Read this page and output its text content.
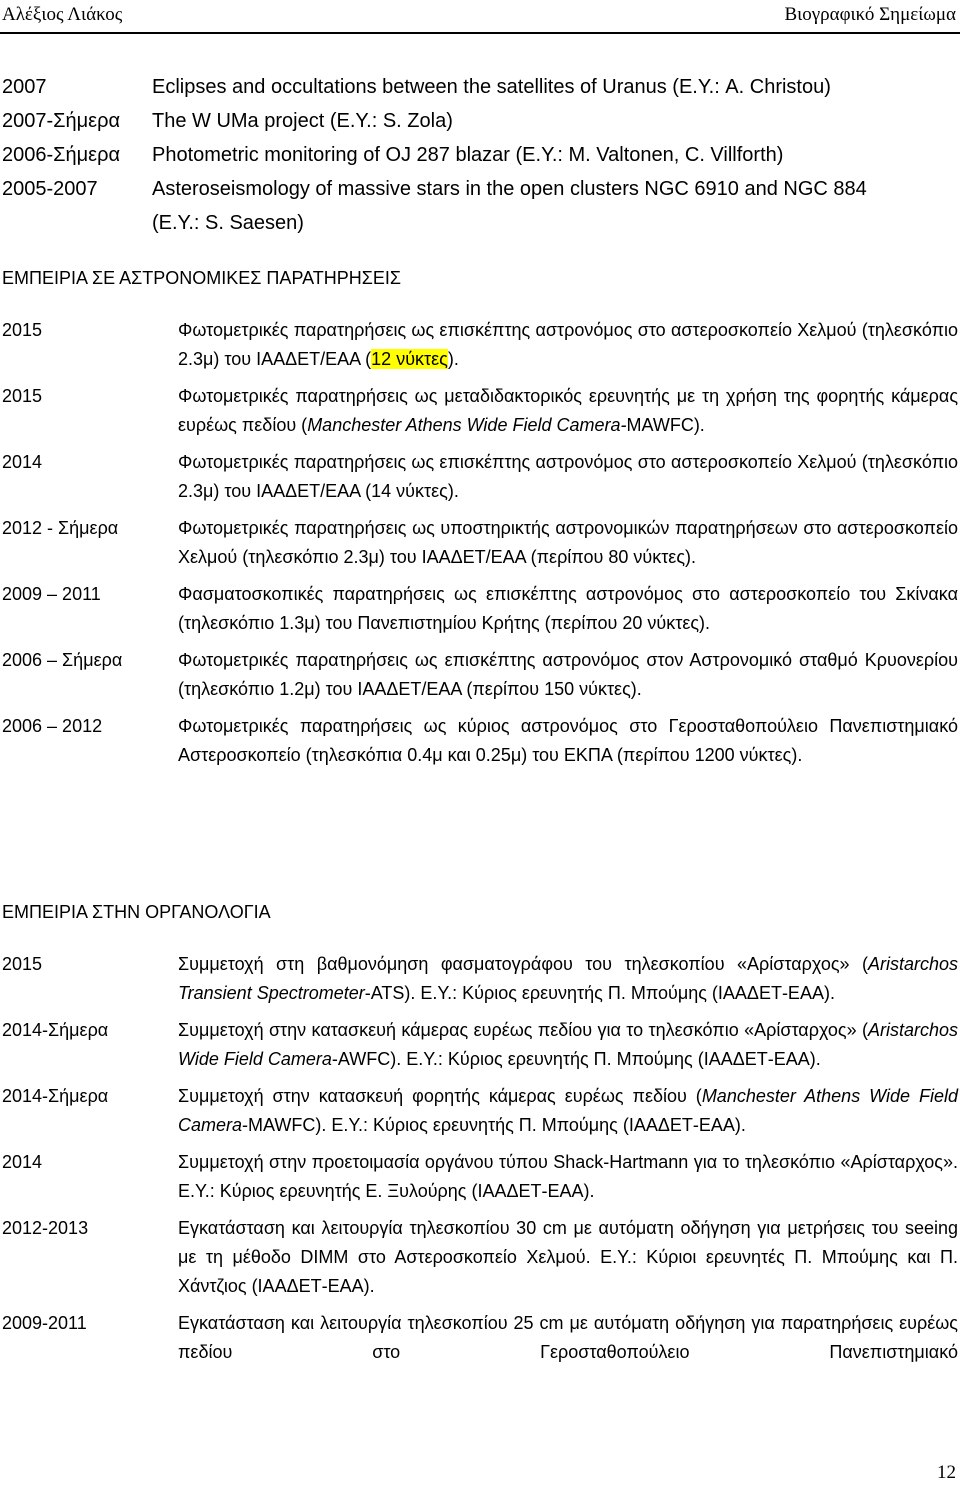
Αλέξιος Λιάκος	Βιογραφικό Σημείωμα
2007	Eclipses and occultations between the satellites of Uranus (Ε.Υ.: A. Christou)
2007-Σήμερα	The W UMa project (Ε.Υ.: S. Zola)
2006-Σήμερα	Photometric monitoring of OJ 287 blazar (Ε.Υ.: M. Valtonen, C. Villforth)
2005-2007	Asteroseismology of massive stars in the open clusters NGC 6910 and NGC 884
(Ε.Υ.: S. Saesen)
ΕΜΠΕΙΡΙΑ ΣΕ ΑΣΤΡΟΝΟΜΙΚΕΣ ΠΑΡΑΤΗΡΗΣΕΙΣ
2015	Φωτομετρικές παρατηρήσεις ως επισκέπτης αστρονόμος στο αστεροσκοπείο Χελμού (τηλεσκόπιο 2.3μ) του ΙΑΑΔΕΤ/ΕΑΑ (12 νύκτες).
2015	Φωτομετρικές παρατηρήσεις ως μεταδιδακτορικός ερευνητής με τη χρήση της φορητής κάμερας ευρέως πεδίου (Manchester Athens Wide Field Camera-MAWFC).
2014	Φωτομετρικές παρατηρήσεις ως επισκέπτης αστρονόμος στο αστεροσκοπείο Χελμού (τηλεσκόπιο 2.3μ) του ΙΑΑΔΕΤ/ΕΑΑ (14 νύκτες).
2012 - Σήμερα	Φωτομετρικές παρατηρήσεις ως υποστηρικτής αστρονομικών παρατηρήσεων στο αστεροσκοπείο Χελμού (τηλεσκόπιο 2.3μ) του ΙΑΑΔΕΤ/ΕΑΑ (περίπου 80 νύκτες).
2009 – 2011	Φασματοσκοπικές παρατηρήσεις ως επισκέπτης αστρονόμος στο αστεροσκοπείο του Σκίνακα (τηλεσκόπιο 1.3μ) του Πανεπιστημίου Κρήτης (περίπου 20 νύκτες).
2006 – Σήμερα	Φωτομετρικές παρατηρήσεις ως επισκέπτης αστρονόμος στον Αστρονομικό σταθμό Κρυονερίου (τηλεσκόπιο 1.2μ) του ΙΑΑΔΕΤ/ΕΑΑ (περίπου 150 νύκτες).
2006 – 2012	Φωτομετρικές παρατηρήσεις ως κύριος αστρονόμος στο Γεροσταθοπούλειο Πανεπιστημιακό Αστεροσκοπείο (τηλεσκόπια 0.4μ και 0.25μ) του ΕΚΠΑ (περίπου 1200 νύκτες).
ΕΜΠΕΙΡΙΑ ΣΤΗΝ ΟΡΓΑΝΟΛΟΓΙΑ
2015	Συμμετοχή στη βαθμονόμηση φασματογράφου του τηλεσκοπίου «Αρίσταρχος» (Aristarchos Transient Spectrometer-ATS). Ε.Υ.: Κύριος ερευνητής Π. Μπούμης (ΙΑΑΔΕΤ-ΕΑΑ).
2014-Σήμερα	Συμμετοχή στην κατασκευή κάμερας ευρέως πεδίου για το τηλεσκόπιο «Αρίσταρχος» (Aristarchos Wide Field Camera-AWFC). Ε.Υ.: Κύριος ερευνητής Π. Μπούμης (ΙΑΑΔΕΤ-ΕΑΑ).
2014-Σήμερα	Συμμετοχή στην κατασκευή φορητής κάμερας ευρέως πεδίου (Manchester Athens Wide Field Camera-MAWFC). Ε.Υ.: Κύριος ερευνητής Π. Μπούμης (ΙΑΑΔΕΤ-ΕΑΑ).
2014	Συμμετοχή στην προετοιμασία οργάνου τύπου Shack-Hartmann για το τηλεσκόπιο «Αρίσταρχος». Ε.Υ.: Κύριος ερευνητής Ε. Ξυλούρης (ΙΑΑΔΕΤ-ΕΑΑ).
2012-2013	Εγκατάσταση και λειτουργία τηλεσκοπίου 30 cm με αυτόματη οδήγηση για μετρήσεις του seeing με τη μέθοδο DIMM στο Αστεροσκοπείο Χελμού. Ε.Υ.: Κύριοι ερευνητές Π. Μπούμης και Π. Χάντζιος (ΙΑΑΔΕΤ-ΕΑΑ).
2009-2011	Εγκατάσταση και λειτουργία τηλεσκοπίου 25 cm με αυτόματη οδήγηση για παρατηρήσεις ευρέως πεδίου στο Γεροσταθοπούλειο Πανεπιστημιακό
12
